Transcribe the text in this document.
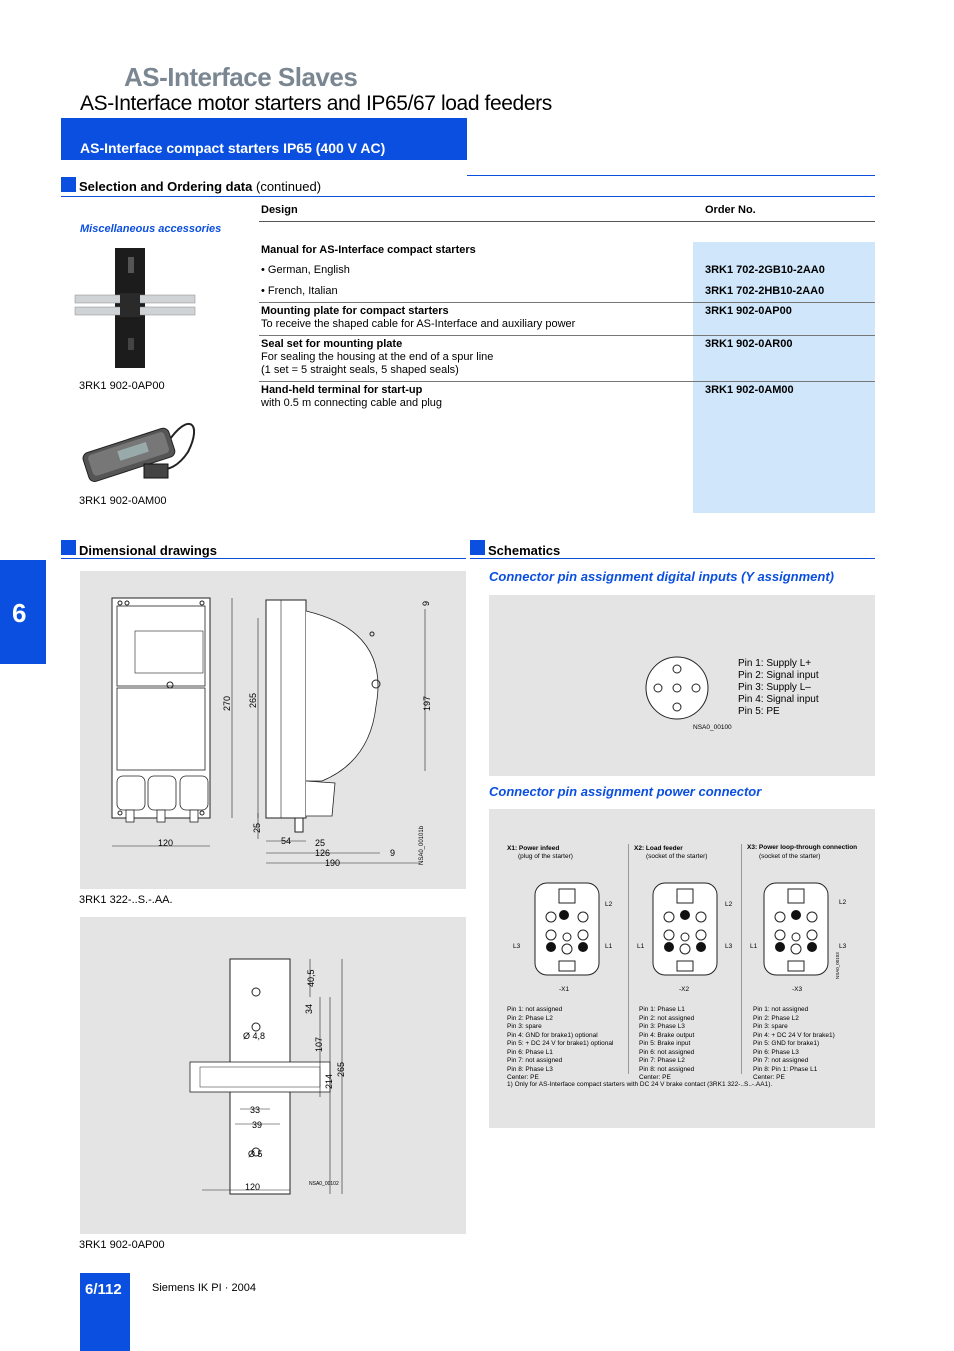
AS-Interface Slaves
AS-Interface motor starters and IP65/67 load feeders
AS-Interface compact starters IP65 (400 V AC)
6
Selection and Ordering data (continued)
Design	Order No.
Miscellaneous accessories
Manual for AS-Interface compact starters
• German, English	3RK1 702-2GB10-2AA0
• French, Italian	3RK1 702-2HB10-2AA0
Mounting plate for compact starters
To receive the shaped cable for AS-Interface and auxiliary power
3RK1 902-0AP00
Seal set for mounting plate
For sealing the housing at the end of a spur line
(1 set = 5 straight seals, 5 shaped seals)
3RK1 902-0AR00
Hand-held terminal for start-up
with 0.5 m connecting cable and plug
3RK1 902-0AM00
3RK1 902-0AP00
3RK1 902-0AM00
Dimensional drawings
120
270 265
25
54	25
126	9
190
9
197
NSA0_00101b
3RK1 322-..S.-.AA.
40,5
34
Ø 4,8
107
214
265
33
39
Ø 5
120	NSA0_00102
3RK1 902-0AP00
Schematics
Connector pin assignment digital inputs (Y assignment)
NSA0_00100
Pin 1: Supply L+
Pin 2: Signal input
Pin 3: Supply L–
Pin 4: Signal input
Pin 5: PE
Connector pin assignment power connector
X1: Power infeed
(plug of the starter)
L2
L3	L1
-X1
Pin 1: not assigned
Pin 2: Phase L2
Pin 3: spare
Pin 4: GND for brake1) optional
Pin 5: + DC 24 V for brake1) optional
Pin 6: Phase L1
Pin 7: not assigned
Pin 8: Phase L3
Center: PE
X2: Load feeder
(socket of the starter)
L2
L1	L3
-X2
Pin 1: Phase L1
Pin 2: not assigned
Pin 3: Phase L3
Pin 4: Brake output
Pin 5: Brake input
Pin 6: not assigned
Pin 7: Phase L2
Pin 8: not assigned
Center: PE
X3: Power loop-through connection
(socket of the starter)
L2
L1	L3
-X3
NSA0_00103
Pin 1: not assigned
Pin 2: Phase L2
Pin 3: spare
Pin 4: + DC 24 V for brake1)
Pin 5: GND for brake1)
Pin 6: Phase L3
Pin 7: not assigned
Pin 8: Pin 1: Phase L1
Center: PE
1) Only for AS-Interface compact starters with DC 24 V brake contact (3RK1 322-..S..-.AA1).
6/112	Siemens IK PI · 2004
